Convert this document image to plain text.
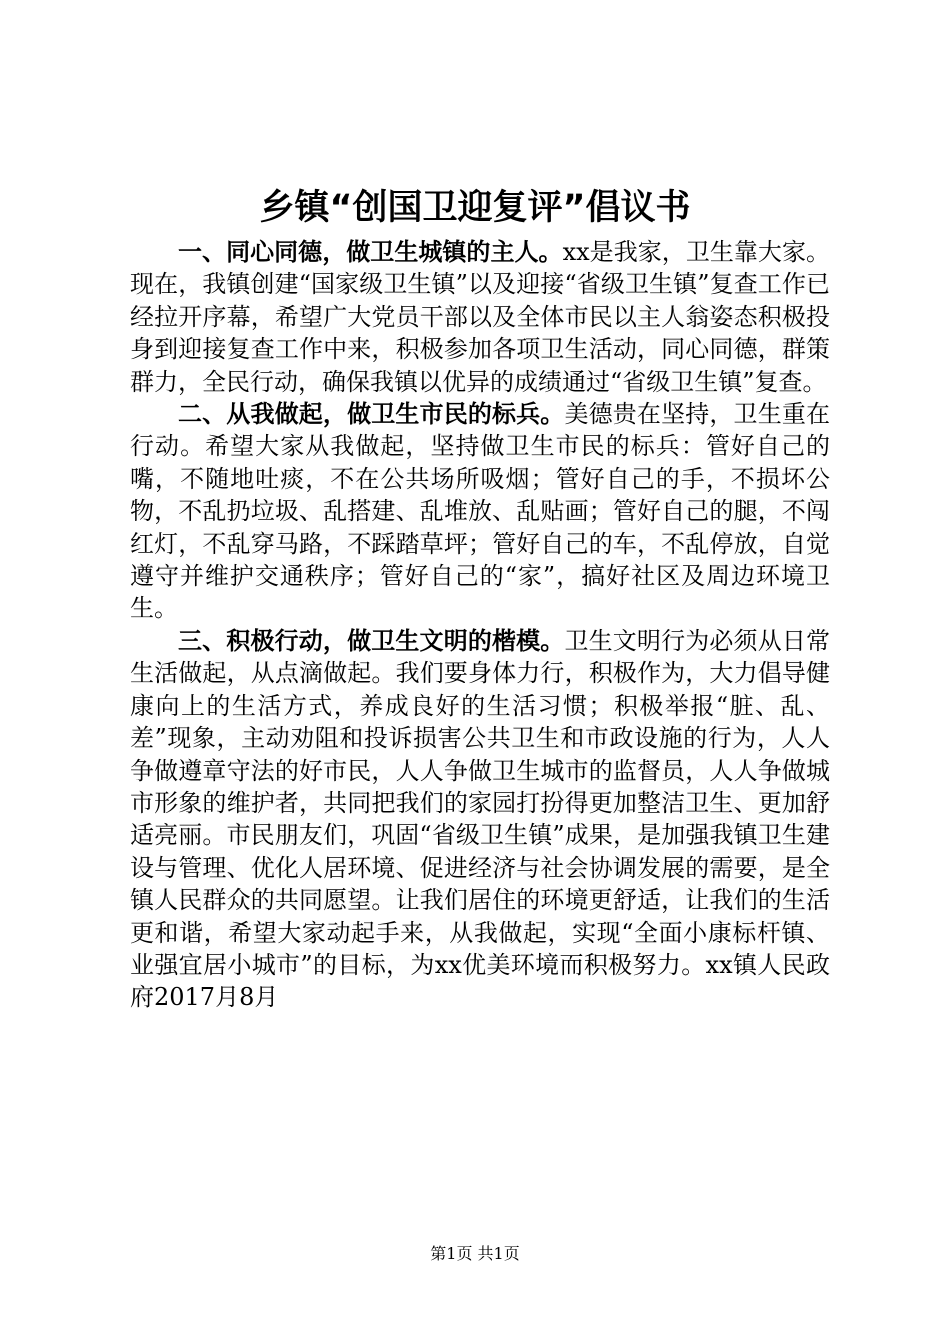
乡镇“创国卫迎复评”倡议书

一、同心同德，做卫生城镇的主人。xx是我家，卫生靠大家。现在，我镇创建“国家级卫生镇”以及迎接“省级卫生镇”复查工作已经拉开序幕，希望广大党员干部以及全体市民以主人翁姿态积极投身到迎接复查工作中来，积极参加各项卫生活动，同心同德，群策群力，全民行动，确保我镇以优异的成绩通过“省级卫生镇”复查。

二、从我做起，做卫生市民的标兵。美德贵在坚持，卫生重在行动。希望大家从我做起，坚持做卫生市民的标兵：管好自己的嘴，不随地吐痰，不在公共场所吸烟；管好自己的手，不损坏公物，不乱扔垃圾、乱搭建、乱堆放、乱贴画；管好自己的腿，不闯红灯，不乱穿马路，不踩踏草坪；管好自己的车，不乱停放，自觉遵守并维护交通秩序；管好自己的“家”，搞好社区及周边环境卫生。

三、积极行动，做卫生文明的楷模。卫生文明行为必须从日常生活做起，从点滴做起。我们要身体力行，积极作为，大力倡导健康向上的生活方式，养成良好的生活习惯；积极举报“脏、乱、差”现象，主动劝阻和投诉损害公共卫生和市政设施的行为，人人争做遵章守法的好市民，人人争做卫生城市的监督员，人人争做城市形象的维护者，共同把我们的家园打扮得更加整洁卫生、更加舒适亮丽。市民朋友们，巩固“省级卫生镇”成果，是加强我镇卫生建设与管理、优化人居环境、促进经济与社会协调发展的需要，是全镇人民群众的共同愿望。让我们居住的环境更舒适，让我们的生活更和谐，希望大家动起手来，从我做起，实现“全面小康标杆镇、业强宜居小城市”的目标，为xx优美环境而积极努力。xx镇人民政府2017月8月

第1页 共1页
